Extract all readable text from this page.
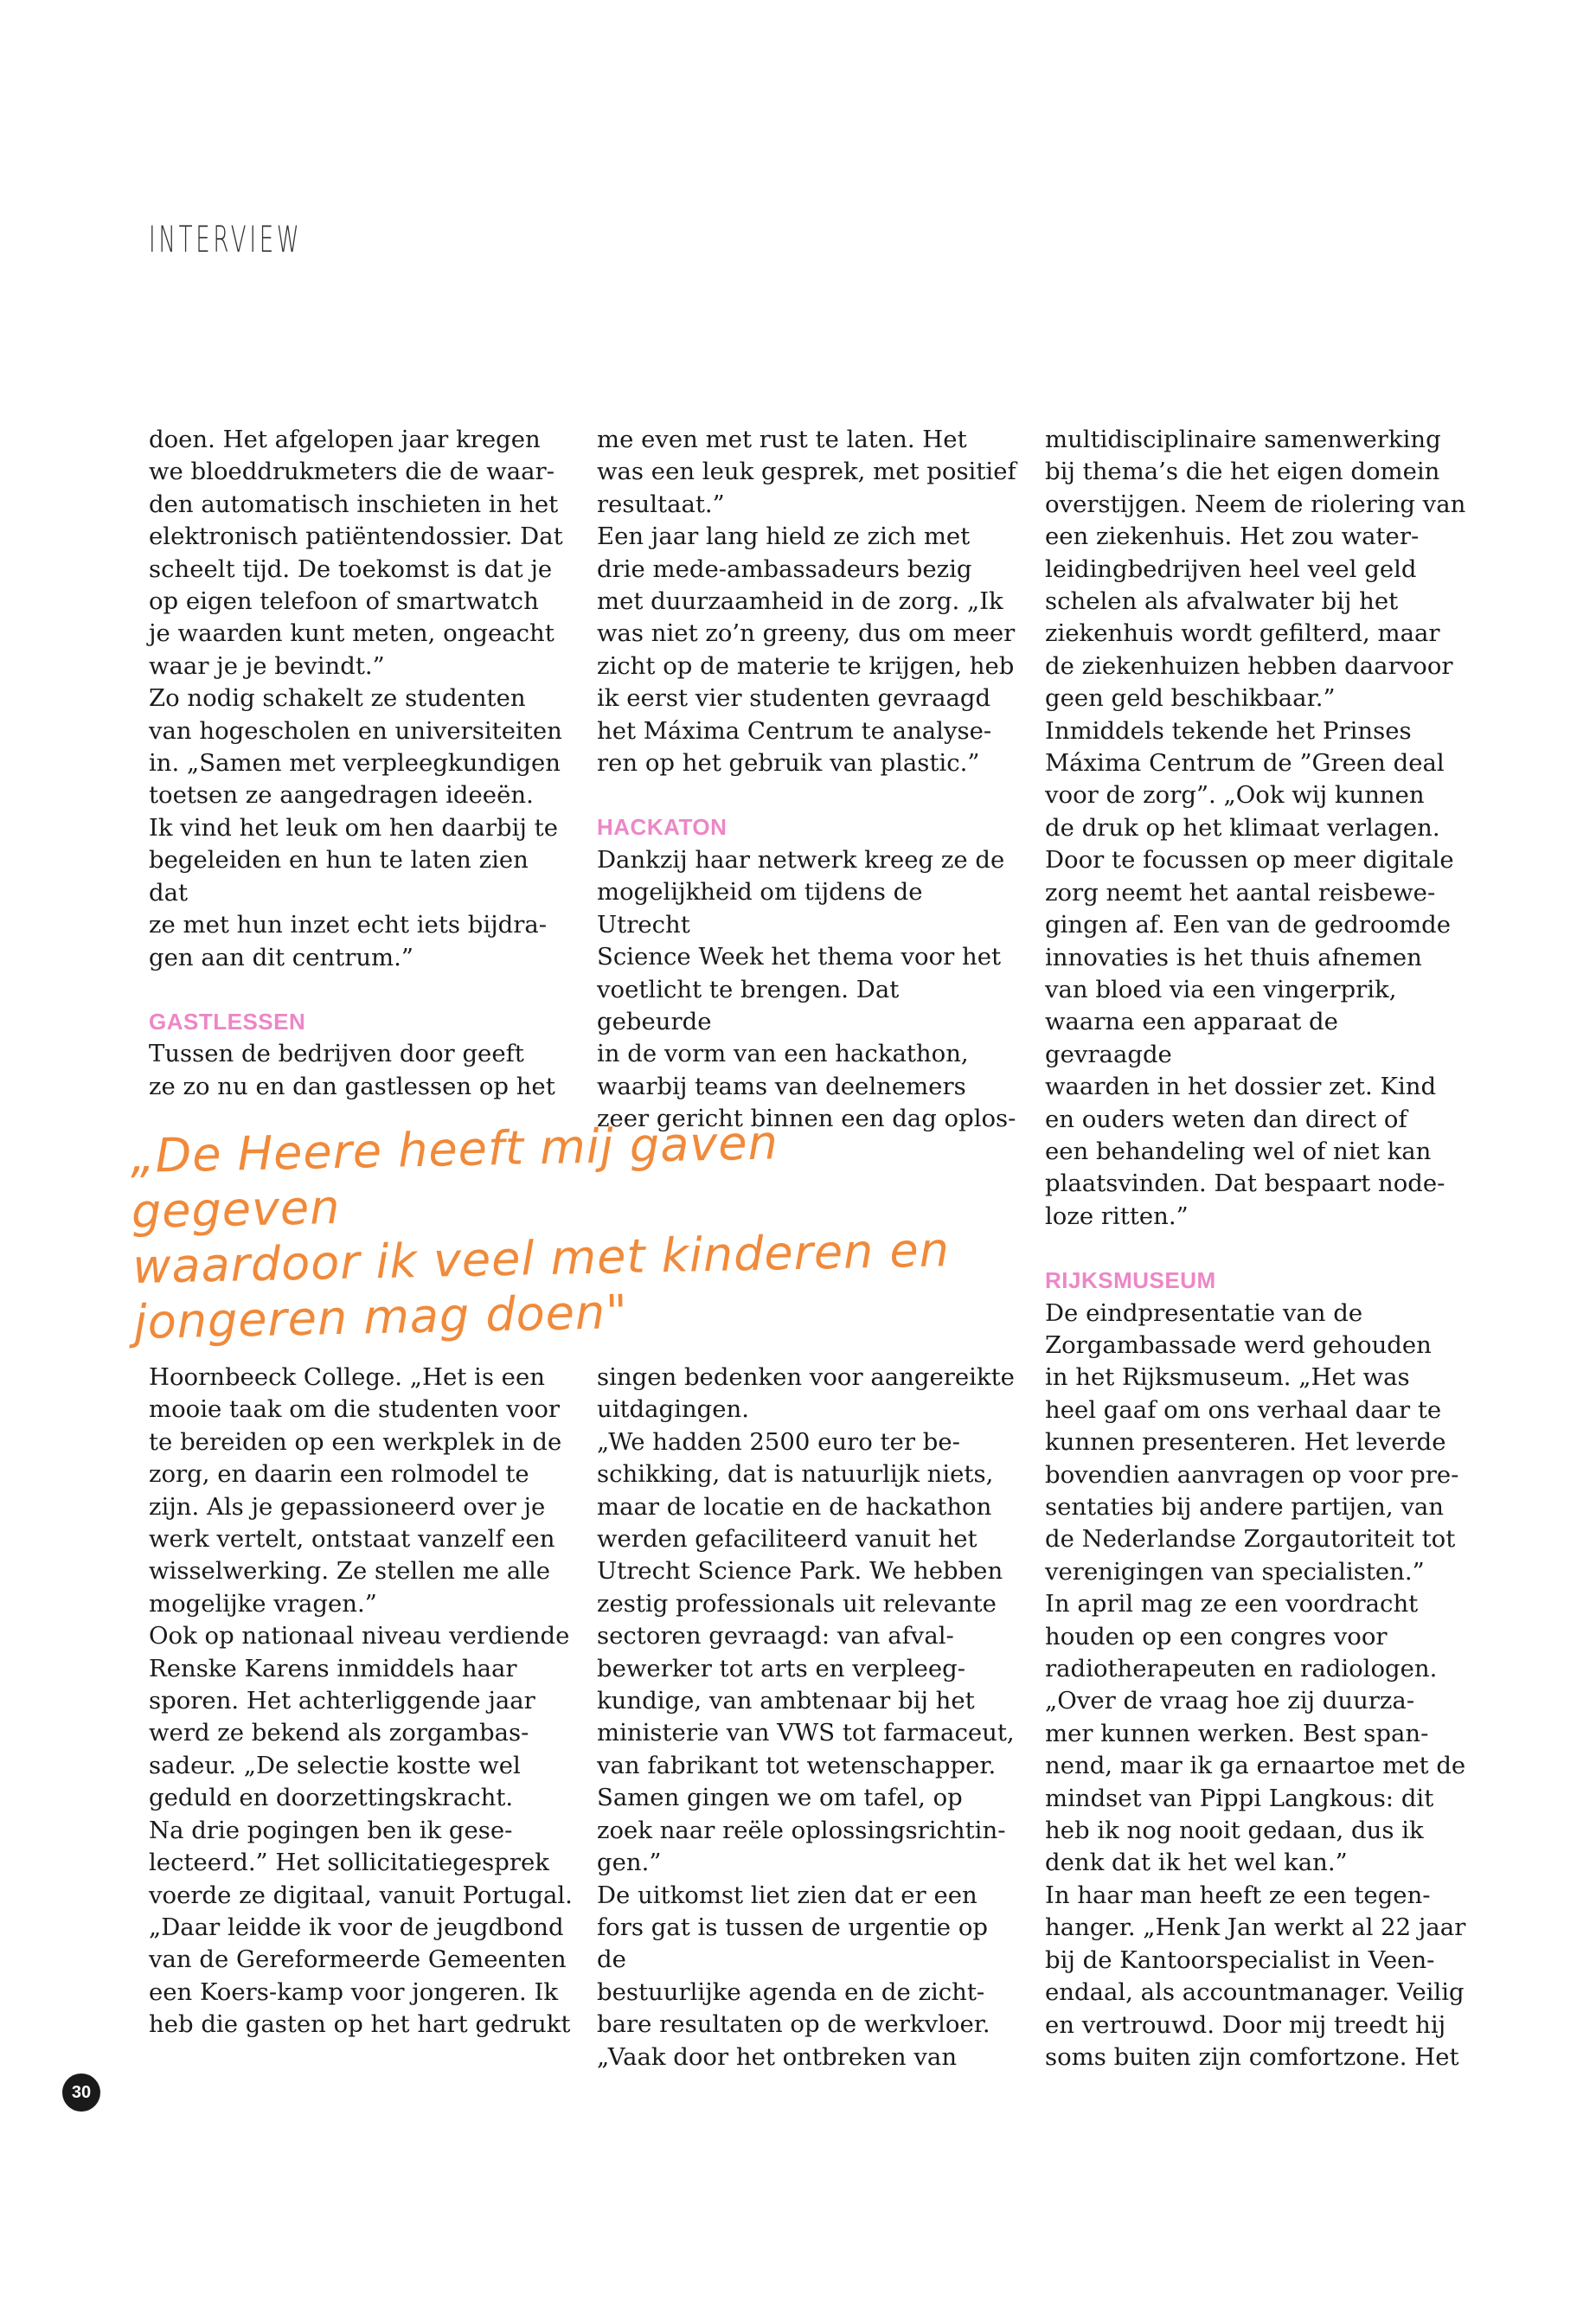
INTERVIEW

doen. Het afgelopen jaar kregen
we bloeddrukmeters die de waar-
den automatisch inschieten in het
elektronisch patiëntendossier. Dat
scheelt tijd. De toekomst is dat je
op eigen telefoon of smartwatch
je waarden kunt meten, ongeacht
waar je je bevindt.”

Zo nodig schakelt ze studenten
van hogescholen en universiteiten
in. „Samen met verpleegkundigen
toetsen ze aangedragen ideeën.
Ik vind het leuk om hen daarbij te
begeleiden en hun te laten zien dat
ze met hun inzet echt iets bijdra-
gen aan dit centrum.”

GASTLESSEN

Tussen de bedrijven door geeft
ze zo nu en dan gastlessen op het

me even met rust te laten. Het
was een leuk gesprek, met positief
resultaat.”

Een jaar lang hield ze zich met
drie mede-ambassadeurs bezig
met duurzaamheid in de zorg. „Ik
was niet zo’n greeny, dus om meer
zicht op de materie te krijgen, heb
ik eerst vier studenten gevraagd
het Máxima Centrum te analyse-
ren op het gebruik van plastic.”

HACKATON

Dankzij haar netwerk kreeg ze de
mogelijkheid om tijdens de Utrecht
Science Week het thema voor het
voetlicht te brengen. Dat gebeurde
in de vorm van een hackathon,
waarbij teams van deelnemers
zeer gericht binnen een dag oplos-

multidisciplinaire samenwerking
bij thema’s die het eigen domein
overstijgen. Neem de riolering van
een ziekenhuis. Het zou water-
leidingbedrijven heel veel geld
schelen als afvalwater bij het
ziekenhuis wordt gefilterd, maar
de ziekenhuizen hebben daarvoor
geen geld beschikbaar.”

Inmiddels tekende het Prinses
Máxima Centrum de ”Green deal
voor de zorg”. „Ook wij kunnen
de druk op het klimaat verlagen.
Door te focussen op meer digitale
zorg neemt het aantal reisbewe-
gingen af. Een van de gedroomde
innovaties is het thuis afnemen
van bloed via een vingerprik,
waarna een apparaat de gevraagde
waarden in het dossier zet. Kind
en ouders weten dan direct of
een behandeling wel of niet kan
plaatsvinden. Dat bespaart node-
loze ritten.”

RIJKSMUSEUM

De eindpresentatie van de
Zorgambassade werd gehouden
in het Rijksmuseum. „Het was
heel gaaf om ons verhaal daar te
kunnen presenteren. Het leverde
bovendien aanvragen op voor pre-
sentaties bij andere partijen, van
de Nederlandse Zorgautoriteit tot
verenigingen van specialisten.”

In april mag ze een voordracht
houden op een congres voor
radiotherapeuten en radiologen.
„Over de vraag hoe zij duurza-
mer kunnen werken. Best span-
nend, maar ik ga ernaartoe met de
mindset van Pippi Langkous: dit
heb ik nog nooit gedaan, dus ik
denk dat ik het wel kan.”

In haar man heeft ze een tegen-
hanger. „Henk Jan werkt al 22 jaar
bij de Kantoorspecialist in Veen-
endaal, als accountmanager. Veilig
en vertrouwd. Door mij treedt hij
soms buiten zijn comfortzone. Het

„De Heere heeft mij gaven gegeven
waardoor ik veel met kinderen en
jongeren mag doen"

Hoornbeeck College. „Het is een
mooie taak om die studenten voor
te bereiden op een werkplek in de
zorg, en daarin een rolmodel te
zijn. Als je gepassioneerd over je
werk vertelt, ontstaat vanzelf een
wisselwerking. Ze stellen me alle
mogelijke vragen.”

Ook op nationaal niveau verdiende
Renske Karens inmiddels haar
sporen. Het achterliggende jaar
werd ze bekend als zorgambas-
sadeur. „De selectie kostte wel
geduld en doorzettingskracht.
Na drie pogingen ben ik gese-
lecteerd.” Het sollicitatiegesprek
voerde ze digitaal, vanuit Portugal.
„Daar leidde ik voor de jeugdbond
van de Gereformeerde Gemeenten
een Koers-kamp voor jongeren. Ik
heb die gasten op het hart gedrukt

singen bedenken voor aangereikte
uitdagingen.

„We hadden 2500 euro ter be-
schikking, dat is natuurlijk niets,
maar de locatie en de hackathon
werden gefaciliteerd vanuit het
Utrecht Science Park. We hebben
zestig professionals uit relevante
sectoren gevraagd: van afval-
bewerker tot arts en verpleeg-
kundige, van ambtenaar bij het
ministerie van VWS tot farmaceut,
van fabrikant tot wetenschapper.
Samen gingen we om tafel, op
zoek naar reële oplossingsrichtin-
gen.”

De uitkomst liet zien dat er een
fors gat is tussen de urgentie op de
bestuurlijke agenda en de zicht-
bare resultaten op de werkvloer.
„Vaak door het ontbreken van

30
